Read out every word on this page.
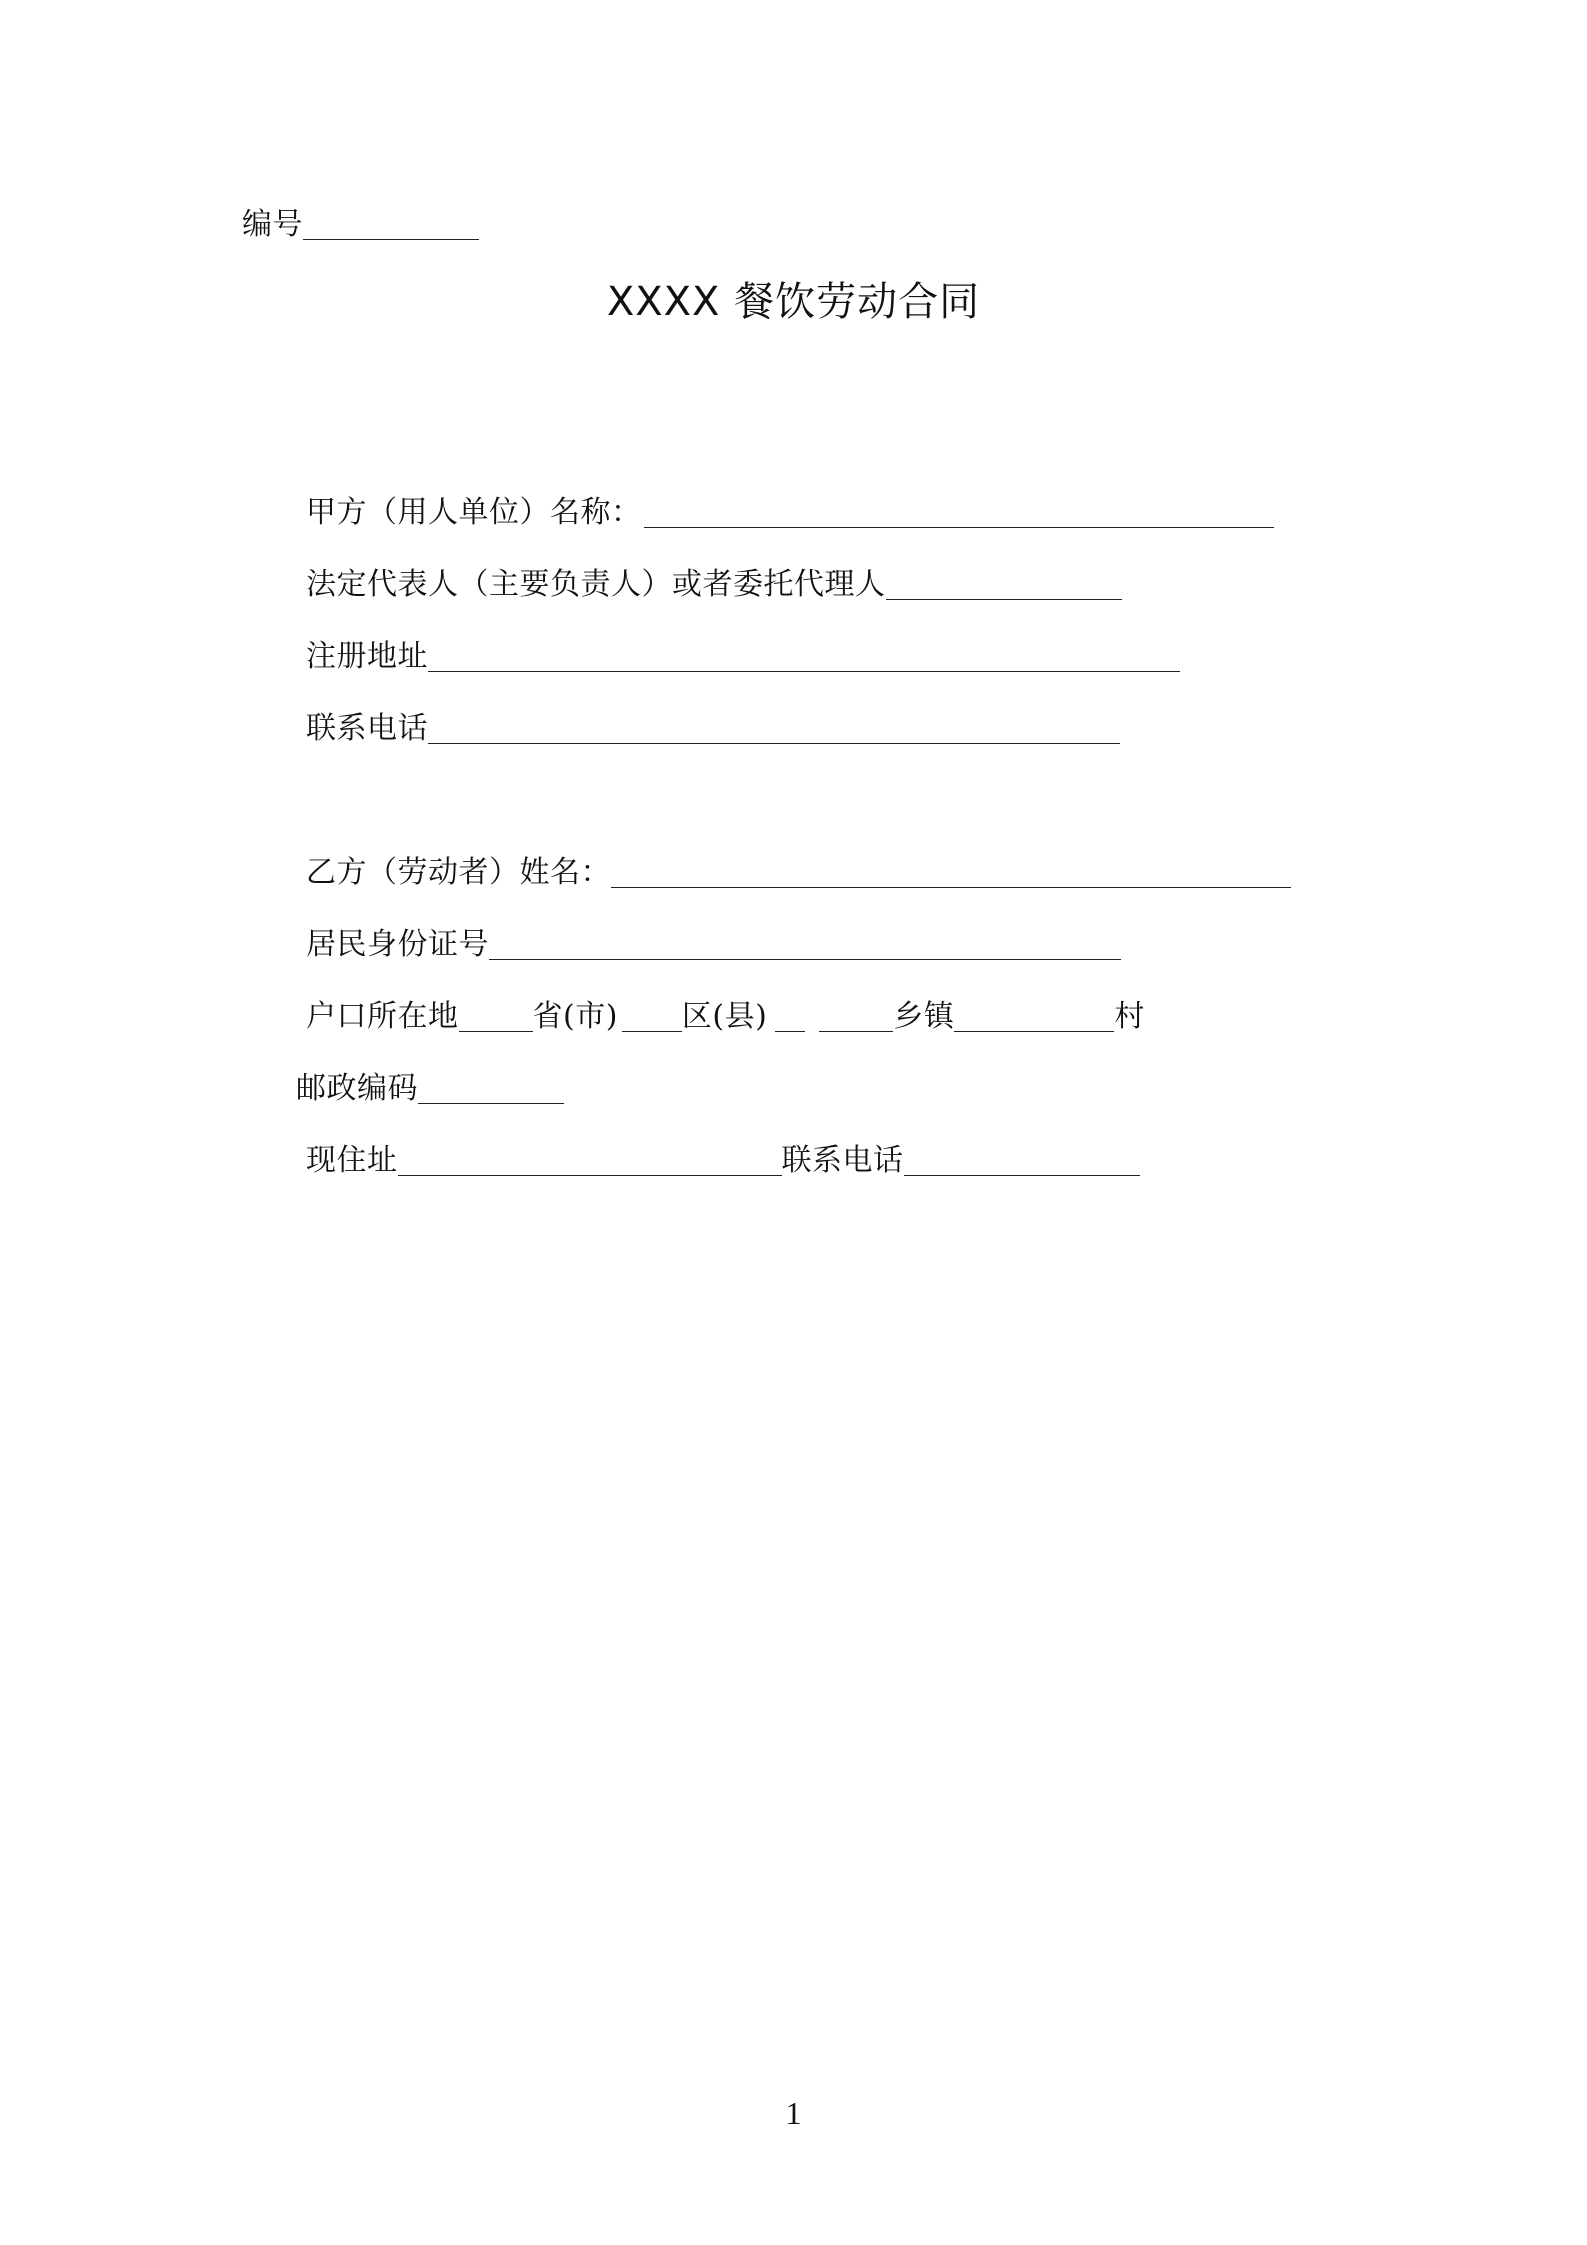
编号
XXXX 餐饮劳动合同
甲方（用人单位）名称：
法定代表人（主要负责人）或者委托代理人
注册地址
联系电话
乙方（劳动者）姓名：
居民身份证号
户口所在地 省(市) 区(县)	乡镇	村
邮政编码
现住址	联系电话
1
